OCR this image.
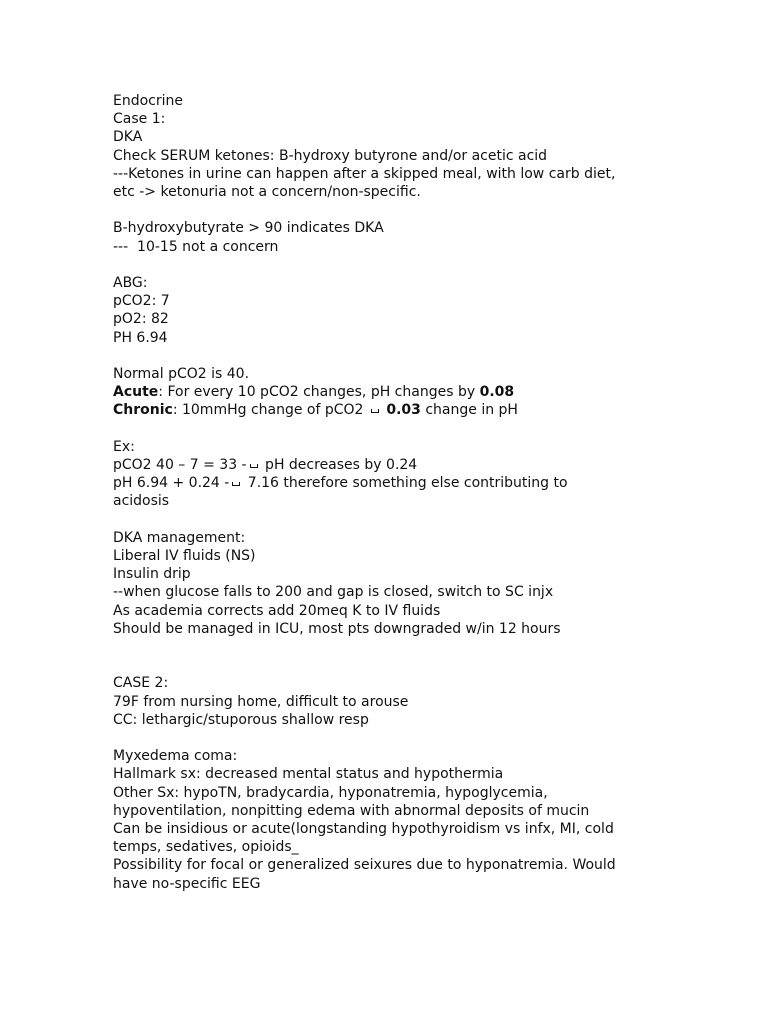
Endocrine
Case 1:
DKA
Check SERUM ketones: B-hydroxy butyrone and/or acetic acid
---Ketones in urine can happen after a skipped meal, with low carb diet,
etc -> ketonuria not a concern/non-specific.
B-hydroxybutyrate > 90 indicates DKA
---  10-15 not a concern
ABG:
pCO2: 7
pO2: 82
PH 6.94
Normal pCO2 is 40.
Acute: For every 10 pCO2 changes, pH changes by 0.08
Chronic: 10mmHg change of pCO2  0.03 change in pH
Ex:
pCO2 40 – 7 = 33 - pH decreases by 0.24
pH 6.94 + 0.24 - 7.16 therefore something else contributing to
acidosis
DKA management:
Liberal IV fluids (NS)
Insulin drip
--when glucose falls to 200 and gap is closed, switch to SC injx
As academia corrects add 20meq K to IV fluids
Should be managed in ICU, most pts downgraded w/in 12 hours
CASE 2:
79F from nursing home, difficult to arouse
CC: lethargic/stuporous shallow resp
Myxedema coma:
Hallmark sx: decreased mental status and hypothermia
Other Sx: hypoTN, bradycardia, hyponatremia, hypoglycemia,
hypoventilation, nonpitting edema with abnormal deposits of mucin
Can be insidious or acute(longstanding hypothyroidism vs infx, MI, cold
temps, sedatives, opioids_
Possibility for focal or generalized seixures due to hyponatremia. Would
have no-specific EEG
